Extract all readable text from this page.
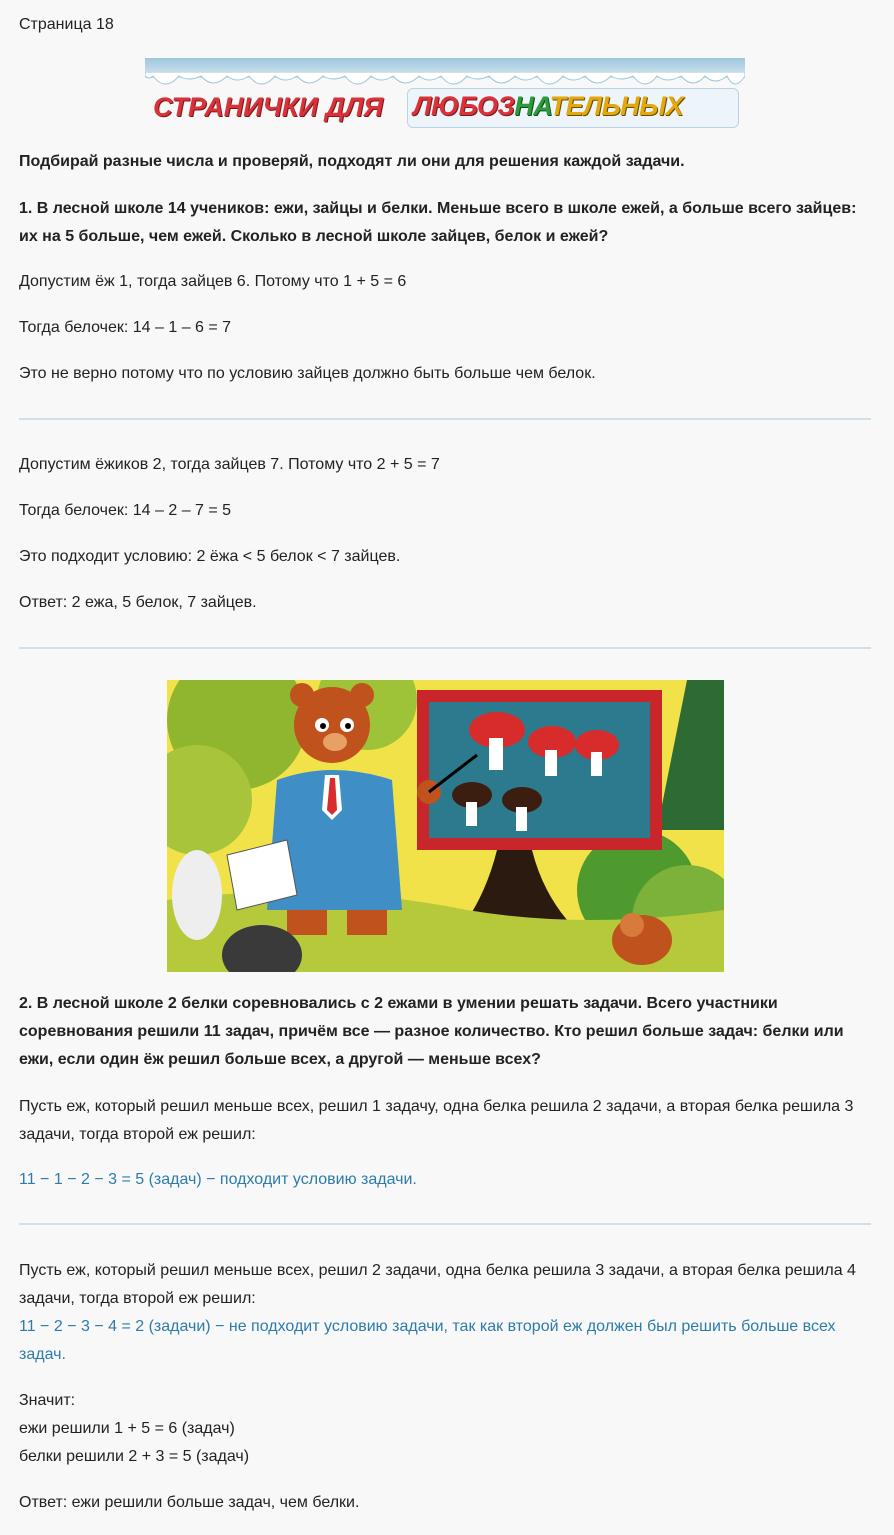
Страница 18
СТРАНИЧКИ ДЛЯ ЛЮБОЗНАТЕЛЬНЫХ

Подбирай разные числа и проверяй, подходят ли они для решения каждой задачи.

1. В лесной школе 14 учеников: ежи, зайцы и белки. Меньше всего в школе ежей, а больше всего зайцев: их на 5 больше, чем ежей. Сколько в лесной школе зайцев, белок и ежей?

Допустим ёж 1, тогда зайцев 6. Потому что 1 + 5 = 6

Тогда белочек: 14 – 1 – 6 = 7

Это не верно потому что по условию зайцев должно быть больше чем белок.

Допустим ёжиков 2, тогда зайцев 7. Потому что 2 + 5 = 7

Тогда белочек: 14 – 2 – 7 = 5

Это подходит условию: 2 ёжа < 5 белок < 7 зайцев.

Ответ: 2 ежа, 5 белок, 7 зайцев.

2. В лесной школе 2 белки соревновались с 2 ежами в умении решать задачи. Всего участники соревнования решили 11 задач, причём все — разное количество. Кто решил больше задач: белки или ежи, если один ёж решил больше всех, а другой — меньше всех?

Пусть еж, который решил меньше всех, решил 1 задачу, одна белка решила 2 задачи, а вторая белка решила 3 задачи, тогда второй еж решил:

11 − 1 − 2 − 3 = 5 (задач) − подходит условию задачи.

Пусть еж, который решил меньше всех, решил 2 задачи, одна белка решила 3 задачи, а вторая белка решила 4 задачи, тогда второй еж решил:

11 − 2 − 3 − 4 = 2 (задачи) − не подходит условию задачи, так как второй еж должен был решить больше всех задач.

Значит:

ежи решили 1 + 5 = 6 (задач)

белки решили 2 + 3 = 5 (задач)

Ответ: ежи решили больше задач, чем белки.
